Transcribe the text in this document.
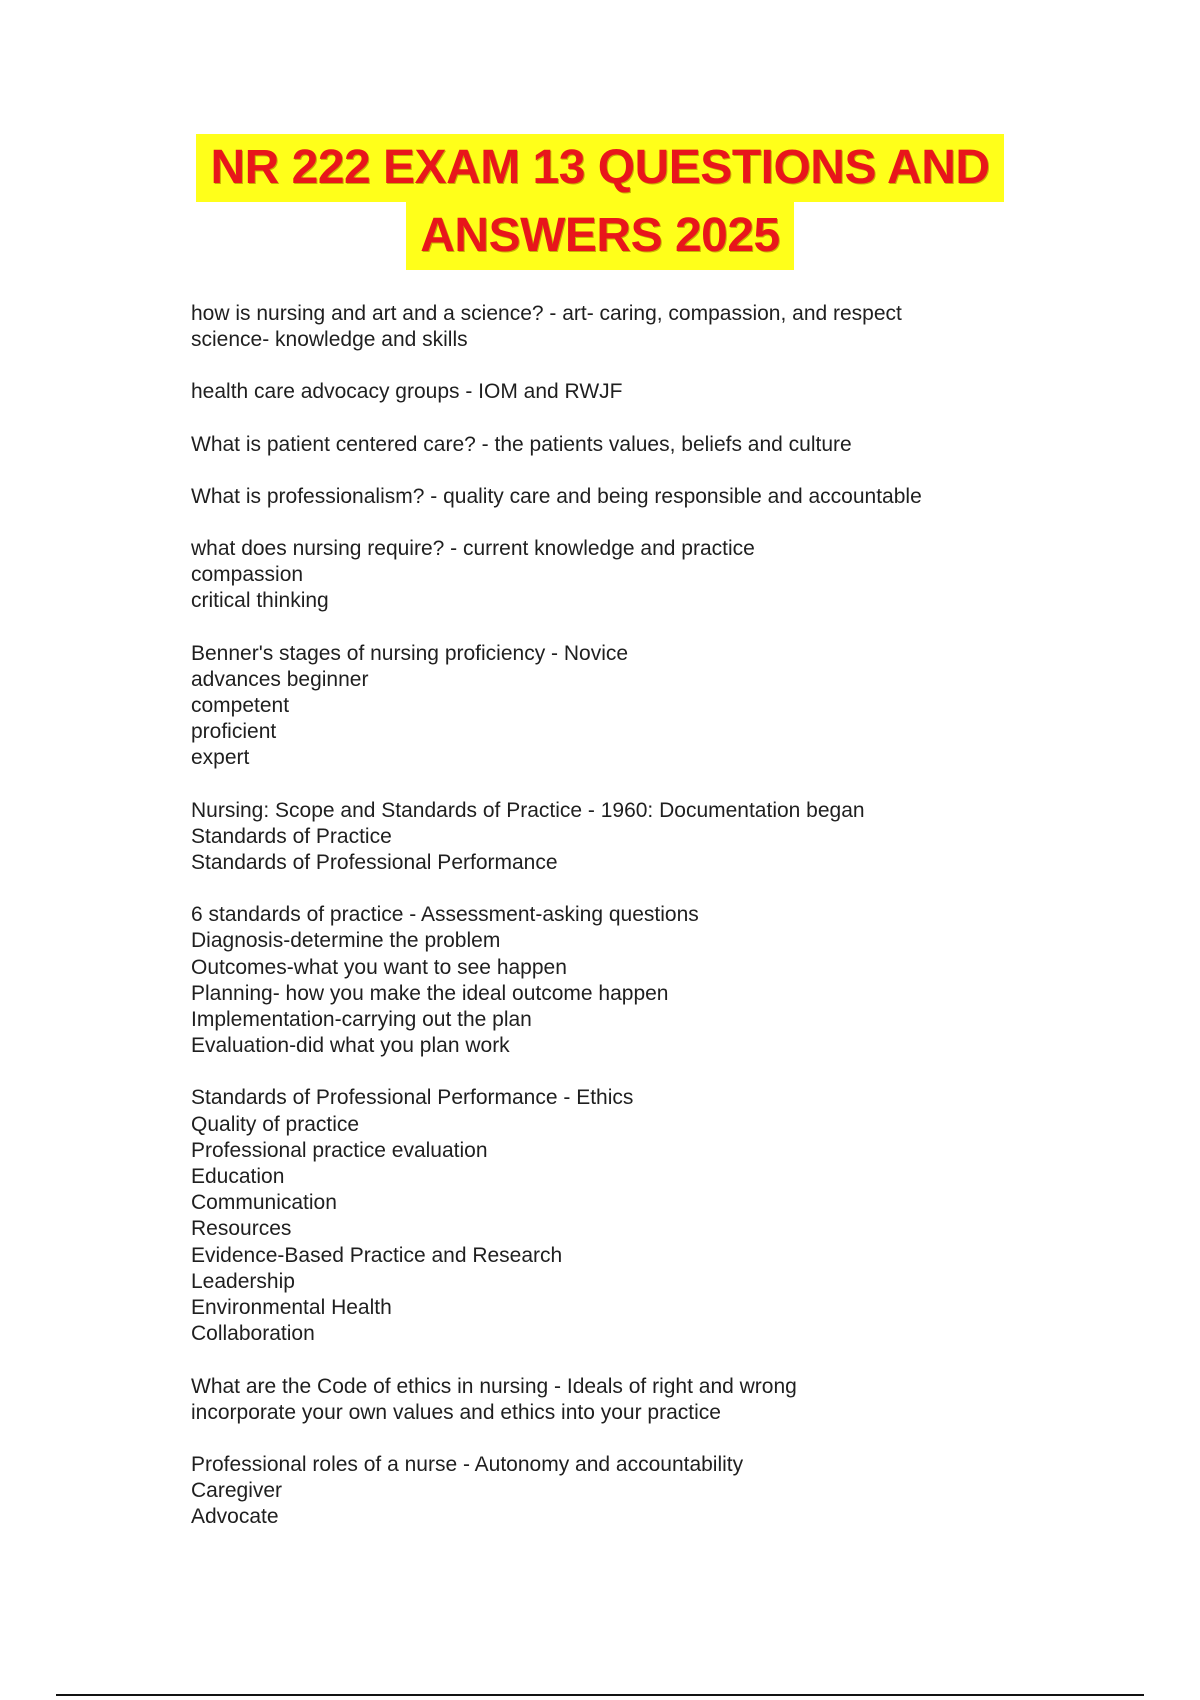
NR 222 EXAM 13 QUESTIONS AND
ANSWERS 2025
how is nursing and art and a science? - art- caring, compassion, and respect
science- knowledge and skills
health care advocacy groups - IOM and RWJF
What is patient centered care? - the patients values, beliefs and culture
What is professionalism? - quality care and being responsible and accountable
what does nursing require? - current knowledge and practice
compassion
critical thinking
Benner's stages of nursing proficiency - Novice
advances beginner
competent
proficient
expert
Nursing: Scope and Standards of Practice - 1960: Documentation began
Standards of Practice
Standards of Professional Performance
6 standards of practice - Assessment-asking questions
Diagnosis-determine the problem
Outcomes-what you want to see happen
Planning- how you make the ideal outcome happen
Implementation-carrying out the plan
Evaluation-did what you plan work
Standards of Professional Performance - Ethics
Quality of practice
Professional practice evaluation
Education
Communication
Resources
Evidence-Based Practice and Research
Leadership
Environmental Health
Collaboration
What are the Code of ethics in nursing - Ideals of right and wrong
incorporate your own values and ethics into your practice
Professional roles of a nurse - Autonomy and accountability
Caregiver
Advocate
